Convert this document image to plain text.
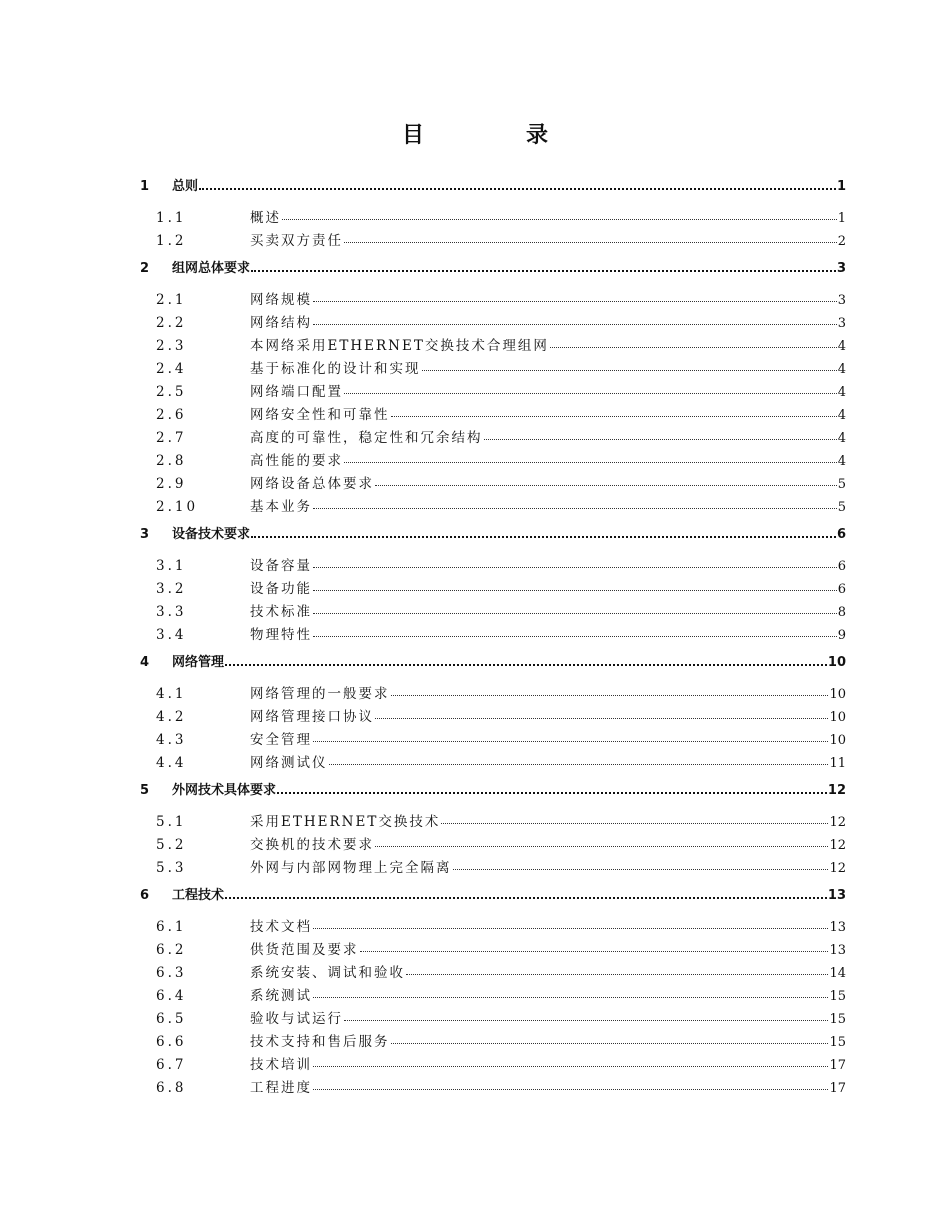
目　录
1	总则	1
1.1	概述	1
1.2	买卖双方责任	2
2	组网总体要求	3
2.1	网络规模	3
2.2	网络结构	3
2.3	本网络采用ETHERNET交换技术合理组网	4
2.4	基于标准化的设计和实现	4
2.5	网络端口配置	4
2.6	网络安全性和可靠性	4
2.7	高度的可靠性，稳定性和冗余结构	4
2.8	高性能的要求	4
2.9	网络设备总体要求	5
2.10	基本业务	5
3	设备技术要求	6
3.1	设备容量	6
3.2	设备功能	6
3.3	技术标准	8
3.4	物理特性	9
4	网络管理	10
4.1	网络管理的一般要求	10
4.2	网络管理接口协议	10
4.3	安全管理	10
4.4	网络测试仪	11
5	外网技术具体要求	12
5.1	采用ETHERNET交换技术	12
5.2	交换机的技术要求	12
5.3	外网与内部网物理上完全隔离	12
6	工程技术	13
6.1	技术文档	13
6.2	供货范围及要求	13
6.3	系统安装、调试和验收	14
6.4	系统测试	15
6.5	验收与试运行	15
6.6	技术支持和售后服务	15
6.7	技术培训	17
6.8	工程进度	17
